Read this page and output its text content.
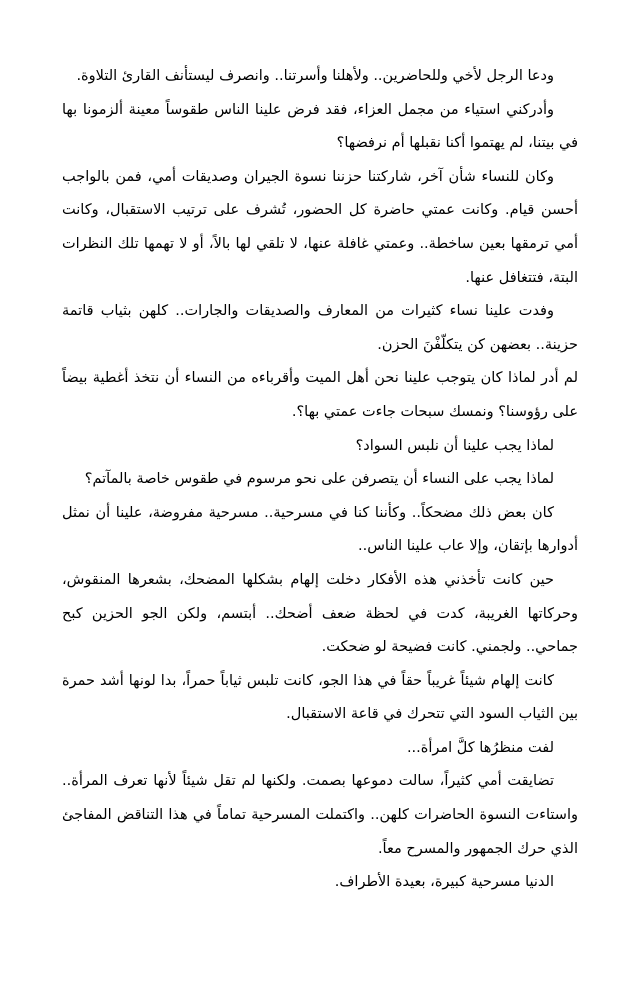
ودعا الرجل لأخي وللحاضرين.. ولأهلنا وأسرتنا.. وانصرف ليستأنف القارئ التلاوة.

وأدركني استياء من مجمل العزاء، فقد فرض علينا الناس طقوساً معينة ألزمونا بها في بيتنا، لم يهتموا أكنا نقبلها أم نرفضها؟

وكان للنساء شأن آخر، شاركتنا حزننا نسوة الجيران وصديقات أمي، فمن بالواجب أحسن قيام. وكانت عمتي حاضرة كل الحضور، تُشرف على ترتيب الاستقبال، وكانت أمي ترمقها بعين ساخطة.. وعمتي غافلة عنها، لا تلقي لها بالاً، أو لا تهمها تلك النظرات البتة، فتتغافل عنها.

وفدت علينا نساء كثيرات من المعارف والصديقات والجارات.. كلهن بثياب قاتمة حزينة.. بعضهن كن يتكلّفْنَ الحزن.

لم أدر لماذا كان يتوجب علينا نحن أهل الميت وأقرباءه من النساء أن نتخذ أغطية بيضاً على رؤوسنا؟ ونمسك سبحات جاءت عمتي بها؟.

لماذا يجب علينا أن نلبس السواد؟

لماذا يجب على النساء أن يتصرفن على نحو مرسوم في طقوس خاصة بالمآتم؟

كان بعض ذلك مضحكاً.. وكأننا كنا في مسرحية.. مسرحية مفروضة، علينا أن نمثل أدوارها بإتقان، وإلا عاب علينا الناس..

حين كانت تأخذني هذه الأفكار دخلت إلهام بشكلها المضحك، بشعرها المنقوش، وحركاتها الغريبة، كدت في لحظة ضعف أضحك.. أبتسم، ولكن الجو الحزين كبح جماحي.. ولجمني. كانت فضيحة لو ضحكت.

كانت إلهام شيئاً غريباً حقاً في هذا الجو، كانت تلبس ثياباً حمراً، بدا لونها أشد حمرة بين الثياب السود التي تتحرك في قاعة الاستقبال.

لفت منظرُها كلَّ امرأة...

تضايقت أمي كثيراً، سالت دموعها بصمت. ولكنها لم تقل شيئاً لأنها تعرف المرأة.. واستاءت النسوة الحاضرات كلهن.. واكتملت المسرحية تماماً في هذا التناقض المفاجئ الذي حرك الجمهور والمسرح معاً.

الدنيا مسرحية كبيرة، بعيدة الأطراف.
